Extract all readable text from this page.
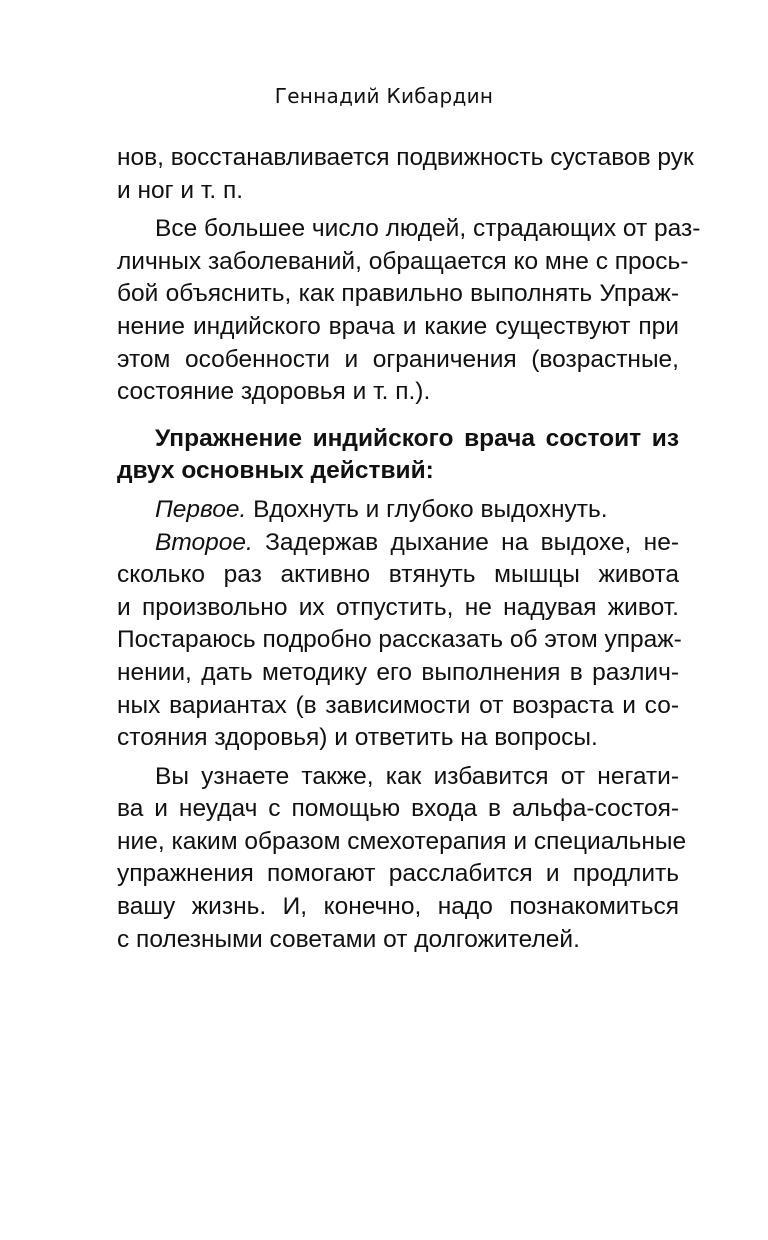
Геннадий Кибардин
нов, восстанавливается подвижность суставов рук
и ног и т. п.
Все большее число людей, страдающих от раз-
личных заболеваний, обращается ко мне с прось-
бой объяснить, как правильно выполнять Упраж-
нение индийского врача и какие существуют при
этом особенности и ограничения (возрастные,
состояние здоровья и т. п.).
Упражнение индийского врача состоит из
двух основных действий:
Первое. Вдохнуть и глубоко выдохнуть.
Второе. Задержав дыхание на выдохе, не-
сколько раз активно втянуть мышцы живота
и произвольно их отпустить, не надувая живот.
Постараюсь подробно рассказать об этом упраж-
нении, дать методику его выполнения в различ-
ных вариантах (в зависимости от возраста и со-
стояния здоровья) и ответить на вопросы.
Вы узнаете также, как избавится от негати-
ва и неудач с помощью входа в альфа-состоя-
ние, каким образом смехотерапия и специальные
упражнения помогают расслабится и продлить
вашу жизнь. И, конечно, надо познакомиться
с полезными советами от долгожителей.
